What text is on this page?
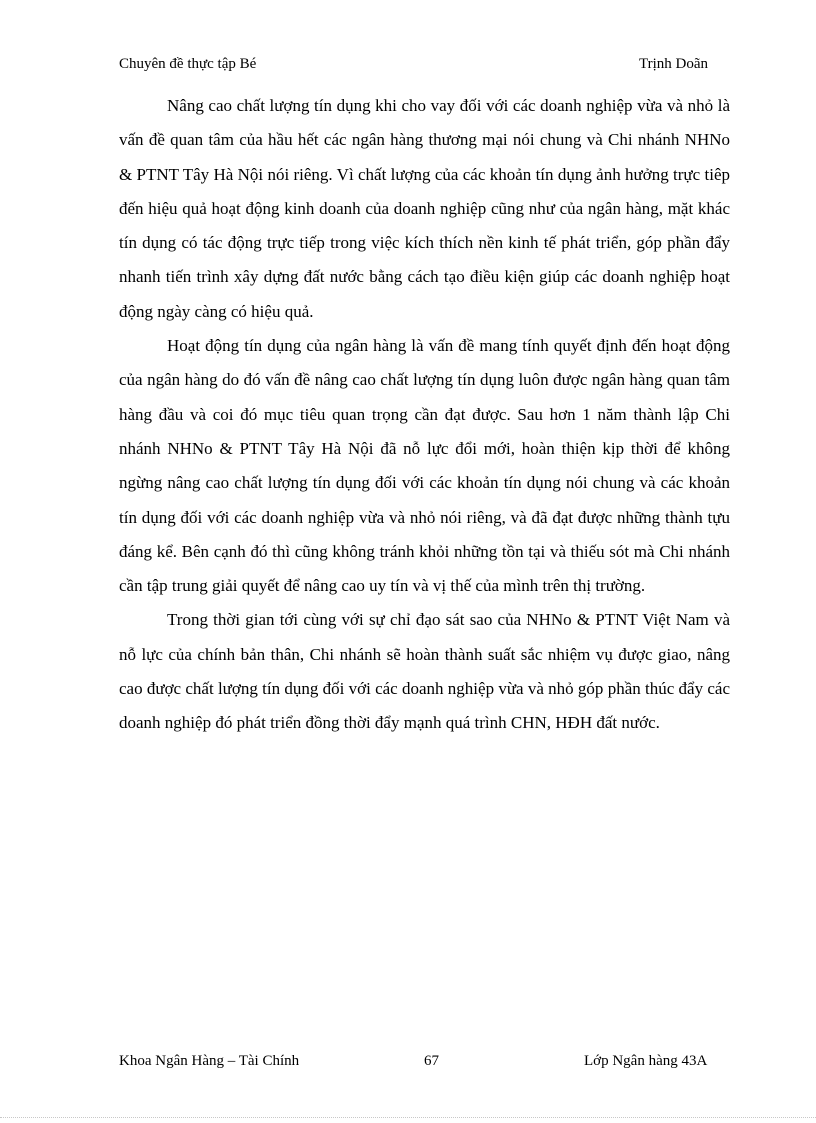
Chuyên đề thực tập Bé	Trịnh Doãn

Nâng cao chất lượng tín dụng khi cho vay đối với các doanh nghiệp vừa và nhỏ là vấn đề quan tâm của hầu hết các ngân hàng thương mại nói chung và Chi nhánh NHNo & PTNT Tây Hà Nội nói riêng. Vì chất lượng của các khoản tín dụng ảnh hưởng trực tiêp đến hiệu quả hoạt động kinh doanh của doanh nghiệp cũng như của ngân hàng, mặt khác tín dụng có tác động trực tiếp trong việc kích thích nền kinh tế phát triển, góp phần đẩy nhanh tiến trình xây dựng đất nước bằng cách tạo điều kiện giúp các doanh nghiệp hoạt động ngày càng có hiệu quả.

Hoạt động tín dụng của ngân hàng là vấn đề mang tính quyết định đến hoạt động của ngân hàng do đó vấn đề nâng cao chất lượng tín dụng luôn được ngân hàng quan tâm hàng đầu và coi đó mục tiêu quan trọng cần đạt được. Sau hơn 1 năm thành lập Chi nhánh NHNo & PTNT Tây Hà Nội đã nỗ lực đổi mới, hoàn thiện kịp thời để không ngừng nâng cao chất lượng tín dụng đối với các khoản tín dụng nói chung và các khoản tín dụng đối với các doanh nghiệp vừa và nhỏ nói riêng, và đã đạt được những thành tựu đáng kể. Bên cạnh đó thì cũng không tránh khỏi những tồn tại và thiếu sót mà Chi nhánh cần tập trung giải quyết để nâng cao uy tín và vị thế của mình trên thị trường.

Trong thời gian tới cùng với sự chỉ đạo sát sao của NHNo & PTNT Việt Nam và nỗ lực của chính bản thân, Chi nhánh sẽ hoàn thành suất sắc nhiệm vụ được giao, nâng cao được chất lượng tín dụng đối với các doanh nghiệp vừa và nhỏ góp phần thúc đẩy các doanh nghiệp đó phát triển đồng thời đẩy mạnh quá trình CHN, HĐH đất nước.

Khoa Ngân Hàng – Tài Chính	67	Lớp Ngân hàng 43A
